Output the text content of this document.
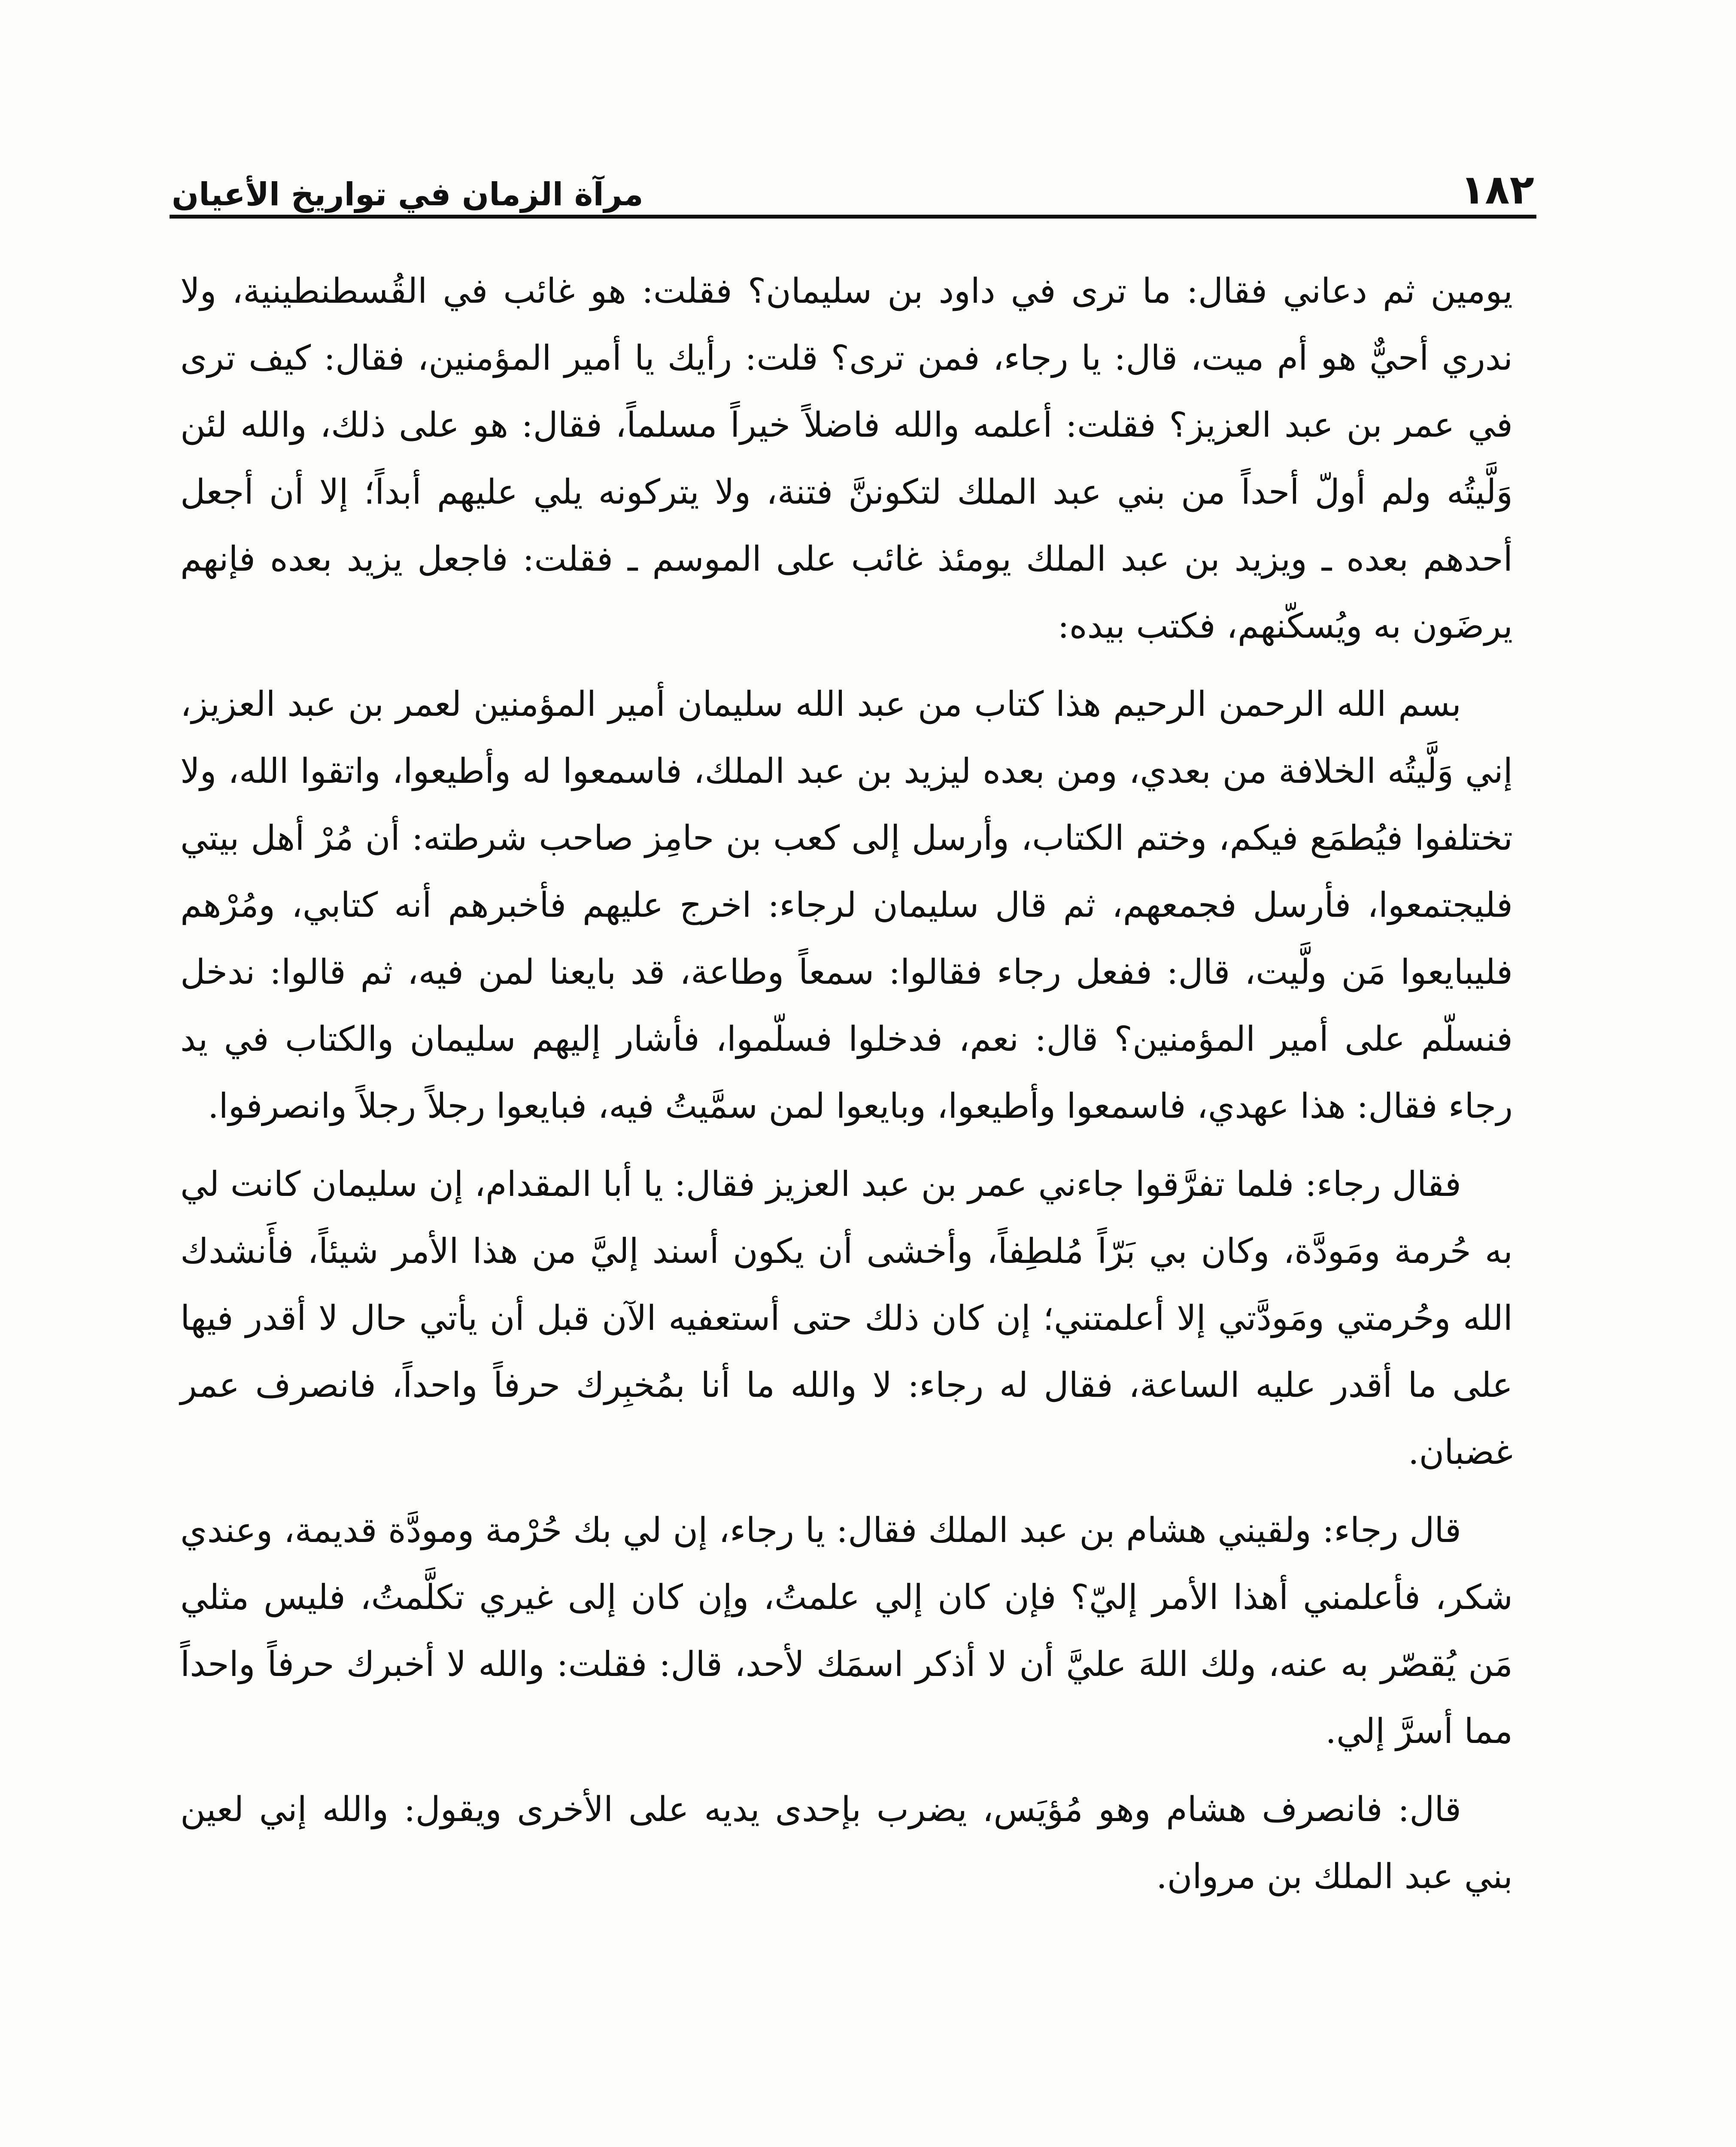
١٨٢
مرآة الزمان في تواريخ الأعيان

يومين ثم دعاني فقال: ما ترى في داود بن سليمان؟ فقلت: هو غائب في القُسطنطينية، ولا ندري أحيٌّ هو أم ميت، قال: يا رجاء، فمن ترى؟ قلت: رأيك يا أمير المؤمنين، فقال: كيف ترى في عمر بن عبد العزيز؟ فقلت: أعلمه والله فاضلاً خيراً مسلماً، فقال: هو على ذلك، والله لئن وَلَّيتُه ولم أولّ أحداً من بني عبد الملك لتكوننَّ فتنة، ولا يتركونه يلي عليهم أبداً؛ إلا أن أجعل أحدهم بعده ـ ويزيد بن عبد الملك يومئذ غائب على الموسم ـ فقلت: فاجعل يزيد بعده فإنهم يرضَون به ويُسكّنهم، فكتب بيده:

بسم الله الرحمن الرحيم هذا كتاب من عبد الله سليمان أمير المؤمنين لعمر بن عبد العزيز، إني وَلَّيتُه الخلافة من بعدي، ومن بعده ليزيد بن عبد الملك، فاسمعوا له وأطيعوا، واتقوا الله، ولا تختلفوا فيُطمَع فيكم، وختم الكتاب، وأرسل إلى كعب بن حامِز صاحب شرطته: أن مُرْ أهل بيتي فليجتمعوا، فأرسل فجمعهم، ثم قال سليمان لرجاء: اخرج عليهم فأخبرهم أنه كتابي، ومُرْهم فليبايعوا مَن ولَّيت، قال: ففعل رجاء فقالوا: سمعاً وطاعة، قد بايعنا لمن فيه، ثم قالوا: ندخل فنسلّم على أمير المؤمنين؟ قال: نعم، فدخلوا فسلّموا، فأشار إليهم سليمان والكتاب في يد رجاء فقال: هذا عهدي، فاسمعوا وأطيعوا، وبايعوا لمن سمَّيتُ فيه، فبايعوا رجلاً رجلاً وانصرفوا.

فقال رجاء: فلما تفرَّقوا جاءني عمر بن عبد العزيز فقال: يا أبا المقدام، إن سليمان كانت لي به حُرمة ومَودَّة، وكان بي بَرّاً مُلطِفاً، وأخشى أن يكون أسند إليَّ من هذا الأمر شيئاً، فأَنشدك الله وحُرمتي ومَودَّتي إلا أعلمتني؛ إن كان ذلك حتى أستعفيه الآن قبل أن يأتي حال لا أقدر فيها على ما أقدر عليه الساعة، فقال له رجاء: لا والله ما أنا بمُخبِرك حرفاً واحداً، فانصرف عمر غضبان.

قال رجاء: ولقيني هشام بن عبد الملك فقال: يا رجاء، إن لي بك حُرْمة ومودَّة قديمة، وعندي شكر، فأعلمني أهذا الأمر إليّ؟ فإن كان إلي علمتُ، وإن كان إلى غيري تكلَّمتُ، فليس مثلي مَن يُقصّر به عنه، ولك اللهَ عليَّ أن لا أذكر اسمَك لأحد، قال: فقلت: والله لا أخبرك حرفاً واحداً مما أسرَّ إلي.

قال: فانصرف هشام وهو مُؤيَس، يضرب بإحدى يديه على الأخرى ويقول: والله إني لعين بني عبد الملك بن مروان.
